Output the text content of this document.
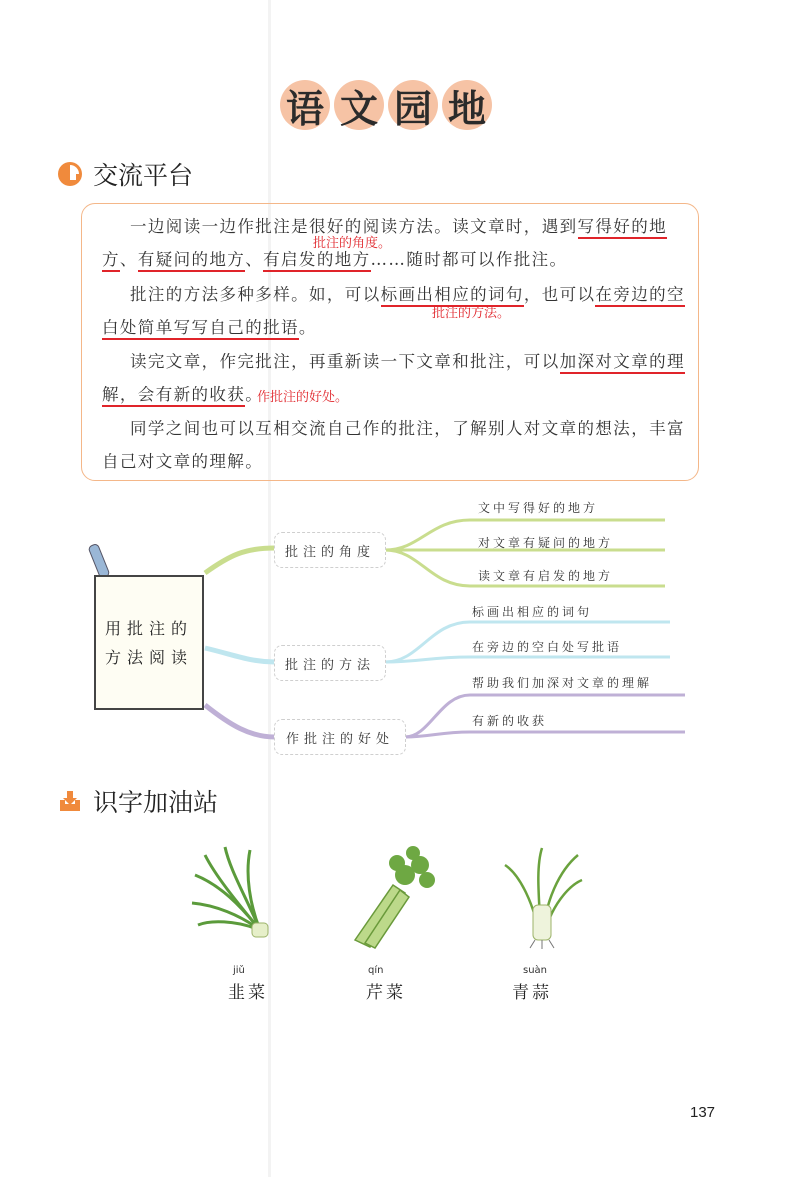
语 文 园 地
交流平台
一边阅读一边作批注是很好的阅读方法。读文章时，遇到写得好的地
方、有疑问的地方、有启发的地方……随时都可以作批注。
批注的角度。
批注的方法多种多样。如，可以标画出相应的词句，也可以在旁边的空
白处简单写写自己的批语。
批注的方法。
读完文章，作完批注，再重新读一下文章和批注，可以加深对文章的理
解，会有新的收获。
作批注的好处。
同学之间也可以互相交流自己作的批注，了解别人对文章的想法，丰富
自己对文章的理解。
用批注的
方法阅读
批注的角度
批注的方法
作批注的好处
文中写得好的地方
对文章有疑问的地方
读文章有启发的地方
标画出相应的词句
在旁边的空白处写批语
帮助我们加深对文章的理解
有新的收获
识字加油站
jiǔ
韭菜
qín
芹菜
suàn
青蒜
137
